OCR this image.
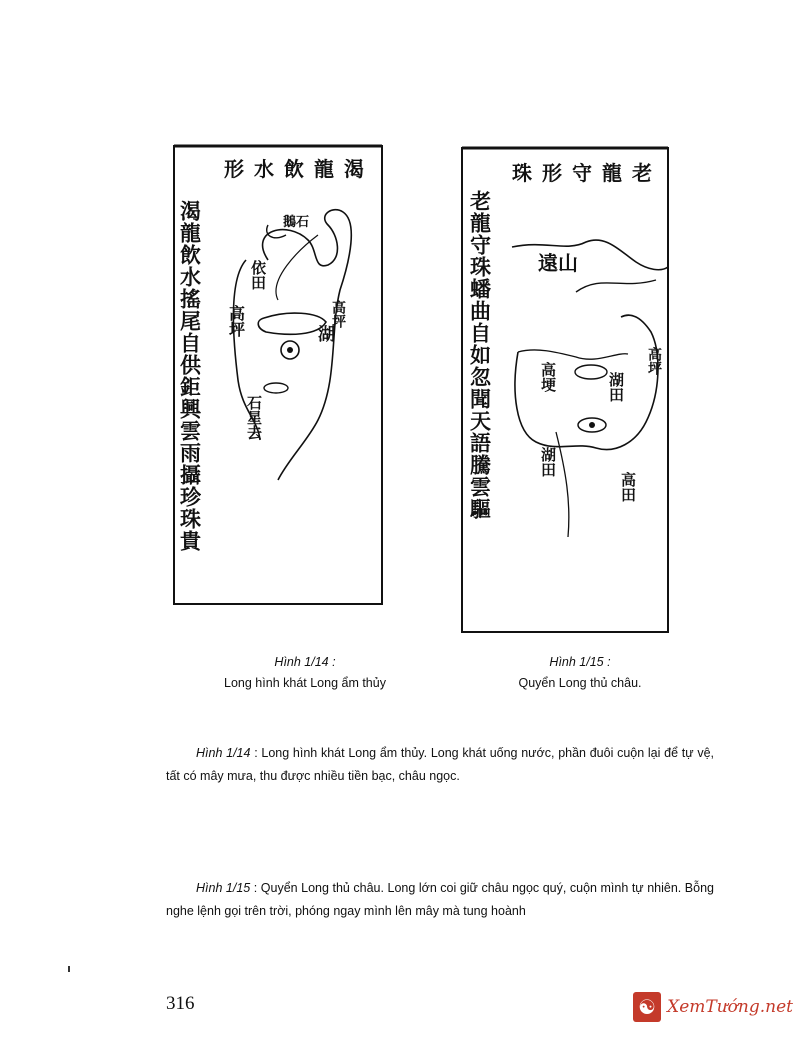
渴
龍
飲
水
形
渴龍飲水搖尾自供鉅興雲雨攝珍珠貴	鵝石
依田
高坪	湖
高坪
石星去
老
龍
守
形
珠
老龍守珠蟠曲自如忽聞天語騰雲驅 遠山
高坪
高埂	湖田
湖田
高田
Hình 1/14 :
Long hình khát Long ẩm thủy
Hình 1/15 :
Quyển Long thủ châu.
Hình 1/14 : Long hình khát Long ẩm thủy. Long khát uống nước, phần đuôi cuộn lại để tự vệ, tất có mây mưa, thu được nhiều tiền bạc, châu ngọc.
Hình 1/15 : Quyển Long thủ châu. Long lớn coi giữ châu ngọc quý, cuộn mình tự nhiên. Bỗng nghe lệnh gọi trên trời, phóng ngay mình lên mây mà tung hoành
316	☯ XemTướng.net
